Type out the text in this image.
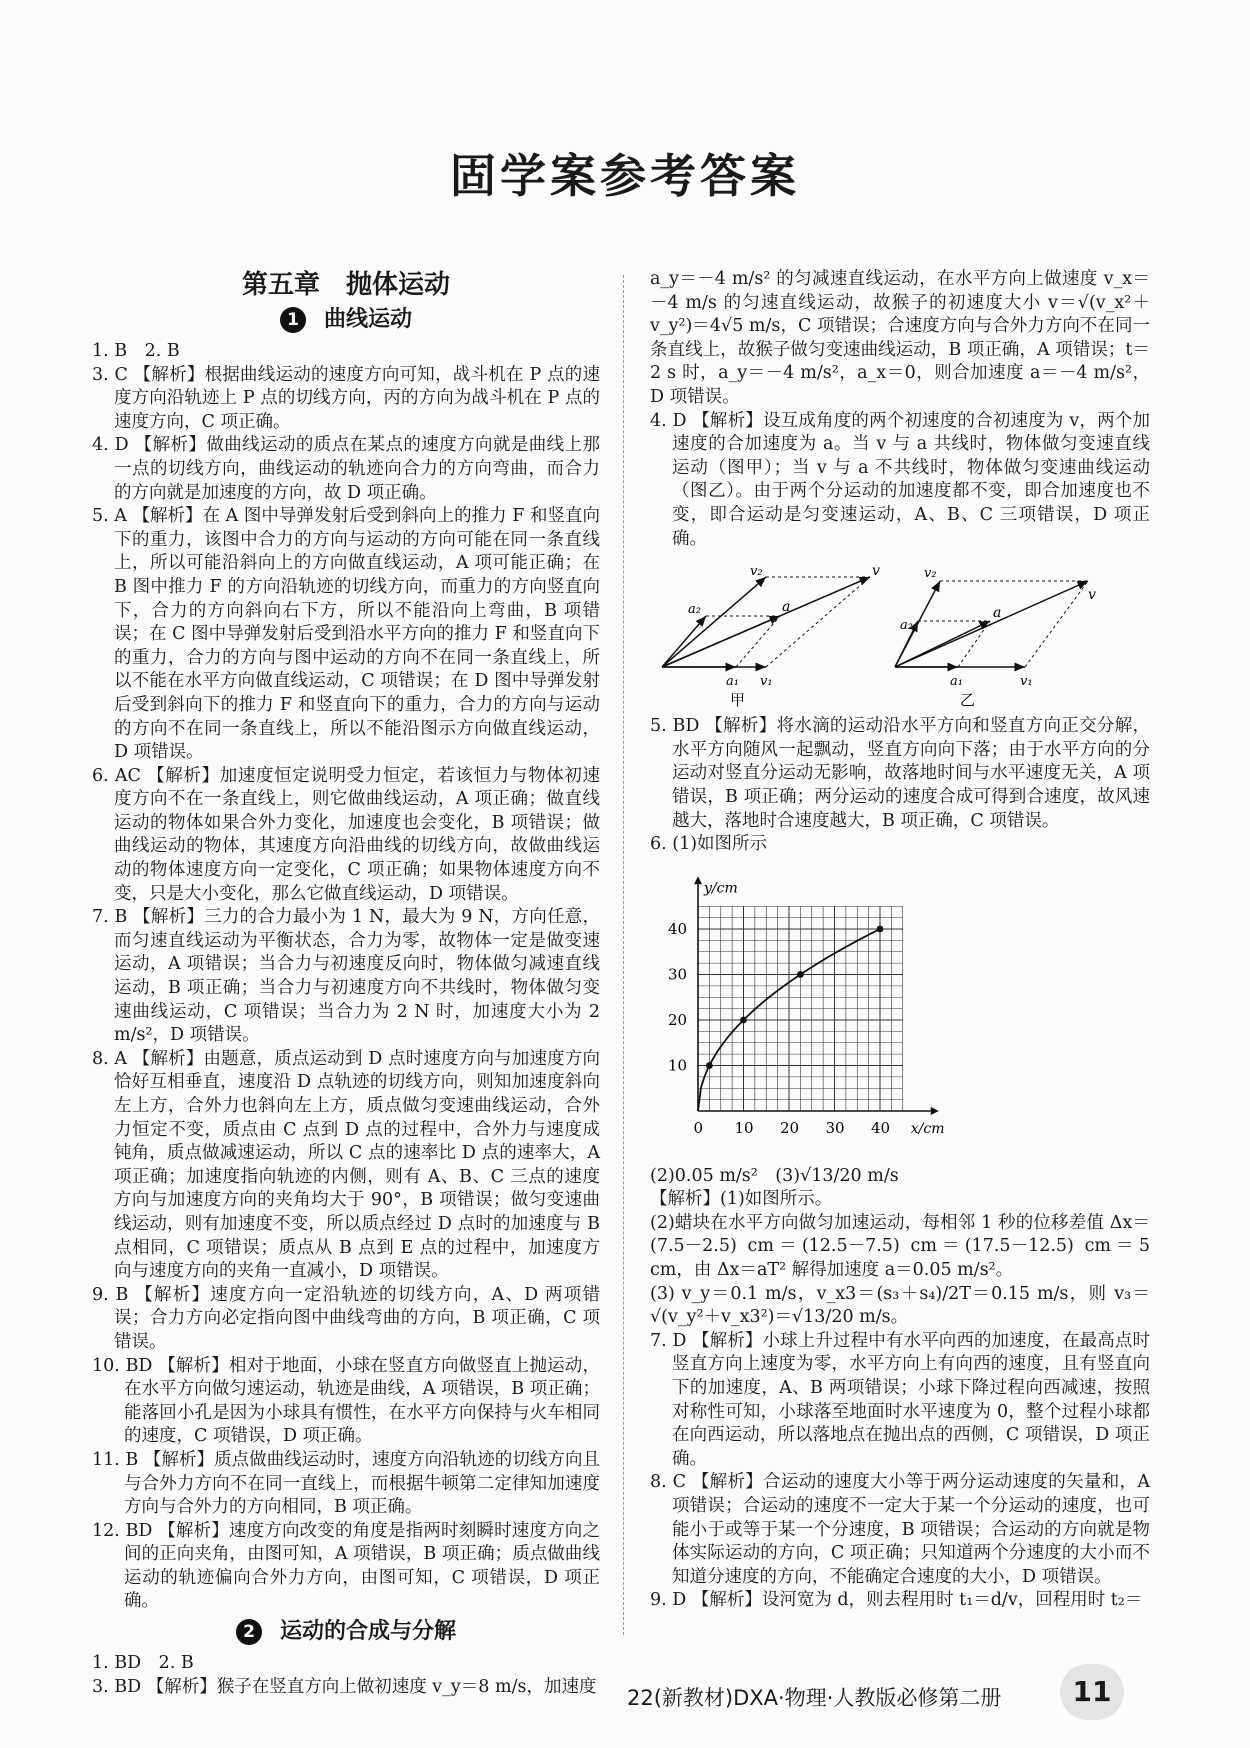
固学案参考答案
第五章　抛体运动
1 曲线运动

1. B　2. B

3. C 【解析】根据曲线运动的速度方向可知，战斗机在 P 点的速度方向沿轨迹上 P 点的切线方向，丙的方向为战斗机在 P 点的速度方向，C 项正确。

4. D 【解析】做曲线运动的质点在某点的速度方向就是曲线上那一点的切线方向，曲线运动的轨迹向合力的方向弯曲，而合力的方向就是加速度的方向，故 D 项正确。

5. A 【解析】在 A 图中导弹发射后受到斜向上的推力 F 和竖直向下的重力，该图中合力的方向与运动的方向可能在同一条直线上，所以可能沿斜向上的方向做直线运动，A 项可能正确；在 B 图中推力 F 的方向沿轨迹的切线方向，而重力的方向竖直向下，合力的方向斜向右下方，所以不能沿向上弯曲，B 项错误；在 C 图中导弹发射后受到沿水平方向的推力 F 和竖直向下的重力，合力的方向与图中运动的方向不在同一条直线上，所以不能在水平方向做直线运动，C 项错误；在 D 图中导弹发射后受到斜向下的推力 F 和竖直向下的重力，合力的方向与运动的方向不在同一条直线上，所以不能沿图示方向做直线运动，D 项错误。

6. AC 【解析】加速度恒定说明受力恒定，若该恒力与物体初速度方向不在一条直线上，则它做曲线运动，A 项正确；做直线运动的物体如果合外力变化，加速度也会变化，B 项错误；做曲线运动的物体，其速度方向沿曲线的切线方向，故做曲线运动的物体速度方向一定变化，C 项正确；如果物体速度方向不变，只是大小变化，那么它做直线运动，D 项错误。

7. B 【解析】三力的合力最小为 1 N，最大为 9 N，方向任意，而匀速直线运动为平衡状态，合力为零，故物体一定是做变速运动，A 项错误；当合力与初速度反向时，物体做匀减速直线运动，B 项正确；当合力与初速度方向不共线时，物体做匀变速曲线运动，C 项错误；当合力为 2 N 时，加速度大小为 2 m/s²，D 项错误。

8. A 【解析】由题意，质点运动到 D 点时速度方向与加速度方向恰好互相垂直，速度沿 D 点轨迹的切线方向，则知加速度斜向左上方，合外力也斜向左上方，质点做匀变速曲线运动，合外力恒定不变，质点由 C 点到 D 点的过程中，合外力与速度成钝角，质点做减速运动，所以 C 点的速率比 D 点的速率大，A 项正确；加速度指向轨迹的内侧，则有 A、B、C 三点的速度方向与加速度方向的夹角均大于 90°，B 项错误；做匀变速曲线运动，则有加速度不变，所以质点经过 D 点时的加速度与 B 点相同，C 项错误；质点从 B 点到 E 点的过程中，加速度方向与速度方向的夹角一直减小，D 项错误。

9. B 【解析】速度方向一定沿轨迹的切线方向，A、D 两项错误；合力方向必定指向图中曲线弯曲的方向，B 项正确，C 项错误。

10. BD 【解析】相对于地面，小球在竖直方向做竖直上抛运动，在水平方向做匀速运动，轨迹是曲线，A 项错误，B 项正确；能落回小孔是因为小球具有惯性，在水平方向保持与火车相同的速度，C 项错误，D 项正确。

11. B 【解析】质点做曲线运动时，速度方向沿轨迹的切线方向且与合外力方向不在同一直线上，而根据牛顿第二定律知加速度方向与合外力的方向相同，B 项正确。

12. BD 【解析】速度方向改变的角度是指两时刻瞬时速度方向之间的正向夹角，由图可知，A 项错误，B 项正确；质点做曲线运动的轨迹偏向合外力方向，由图可知，C 项错误，D 项正确。

2 运动的合成与分解

1. BD　2. B

3. BD 【解析】猴子在竖直方向上做初速度 v_y＝8 m/s，加速度

a_y＝－4 m/s² 的匀减速直线运动，在水平方向上做速度 v_x＝－4 m/s 的匀速直线运动，故猴子的初速度大小 v＝√(v_x²＋v_y²)＝4√5 m/s，C 项错误；合速度方向与合外力方向不在同一条直线上，故猴子做匀变速曲线运动，B 项正确，A 项错误；t＝2 s 时，a_y＝－4 m/s²，a_x＝0，则合加速度 a＝－4 m/s²，D 项错误。

4. D 【解析】设互成角度的两个初速度的合初速度为 v，两个加速度的合加速度为 a。当 v 与 a 共线时，物体做匀变速直线运动（图甲）；当 v 与 a 不共线时，物体做匀变速曲线运动（图乙）。由于两个分运动的加速度都不变，即合加速度也不变，即合运动是匀变速运动，A、B、C 三项错误，D 项正确。

v
a
a₁ v₁
a₂
v₂
甲
v
a
a₁	v₁
a₂
v₂
乙

5. BD 【解析】将水滴的运动沿水平方向和竖直方向正交分解，水平方向随风一起飘动，竖直方向向下落；由于水平方向的分运动对竖直分运动无影响，故落地时间与水平速度无关，A 项错误，B 项正确；两分运动的速度合成可得到合速度，故风速越大，落地时合速度越大，B 项正确，C 项错误。

6. (1)如图所示

0 10 20 30 40
10
20
30
40
x/cm
y/cm

(2)0.05 m/s²　(3)√13/20 m/s

【解析】(1)如图所示。

(2)蜡块在水平方向做匀加速运动，每相邻 1 秒的位移差值 Δx＝(7.5－2.5) cm＝(12.5－7.5) cm＝(17.5－12.5) cm＝5 cm，由 Δx＝aT² 解得加速度 a＝0.05 m/s²。

(3) v_y＝0.1 m/s，v_x3＝(s₃＋s₄)/2T＝0.15 m/s，则 v₃＝√(v_y²＋v_x3²)＝√13/20 m/s。

7. D 【解析】小球上升过程中有水平向西的加速度，在最高点时竖直方向上速度为零，水平方向上有向西的速度，且有竖直向下的加速度，A、B 两项错误；小球下降过程向西减速，按照对称性可知，小球落至地面时水平速度为 0，整个过程小球都在向西运动，所以落地点在抛出点的西侧，C 项错误，D 项正确。

8. C 【解析】合运动的速度大小等于两分运动速度的矢量和，A 项错误；合运动的速度不一定大于某一个分运动的速度，也可能小于或等于某一个分速度，B 项错误；合运动的方向就是物体实际运动的方向，C 项正确；只知道两个分速度的大小而不知道分速度的方向，不能确定合速度的大小，D 项错误。

9. D 【解析】设河宽为 d，则去程用时 t₁＝d/v，回程用时 t₂＝

22(新教材)DXA·物理·人教版必修第二册	11
